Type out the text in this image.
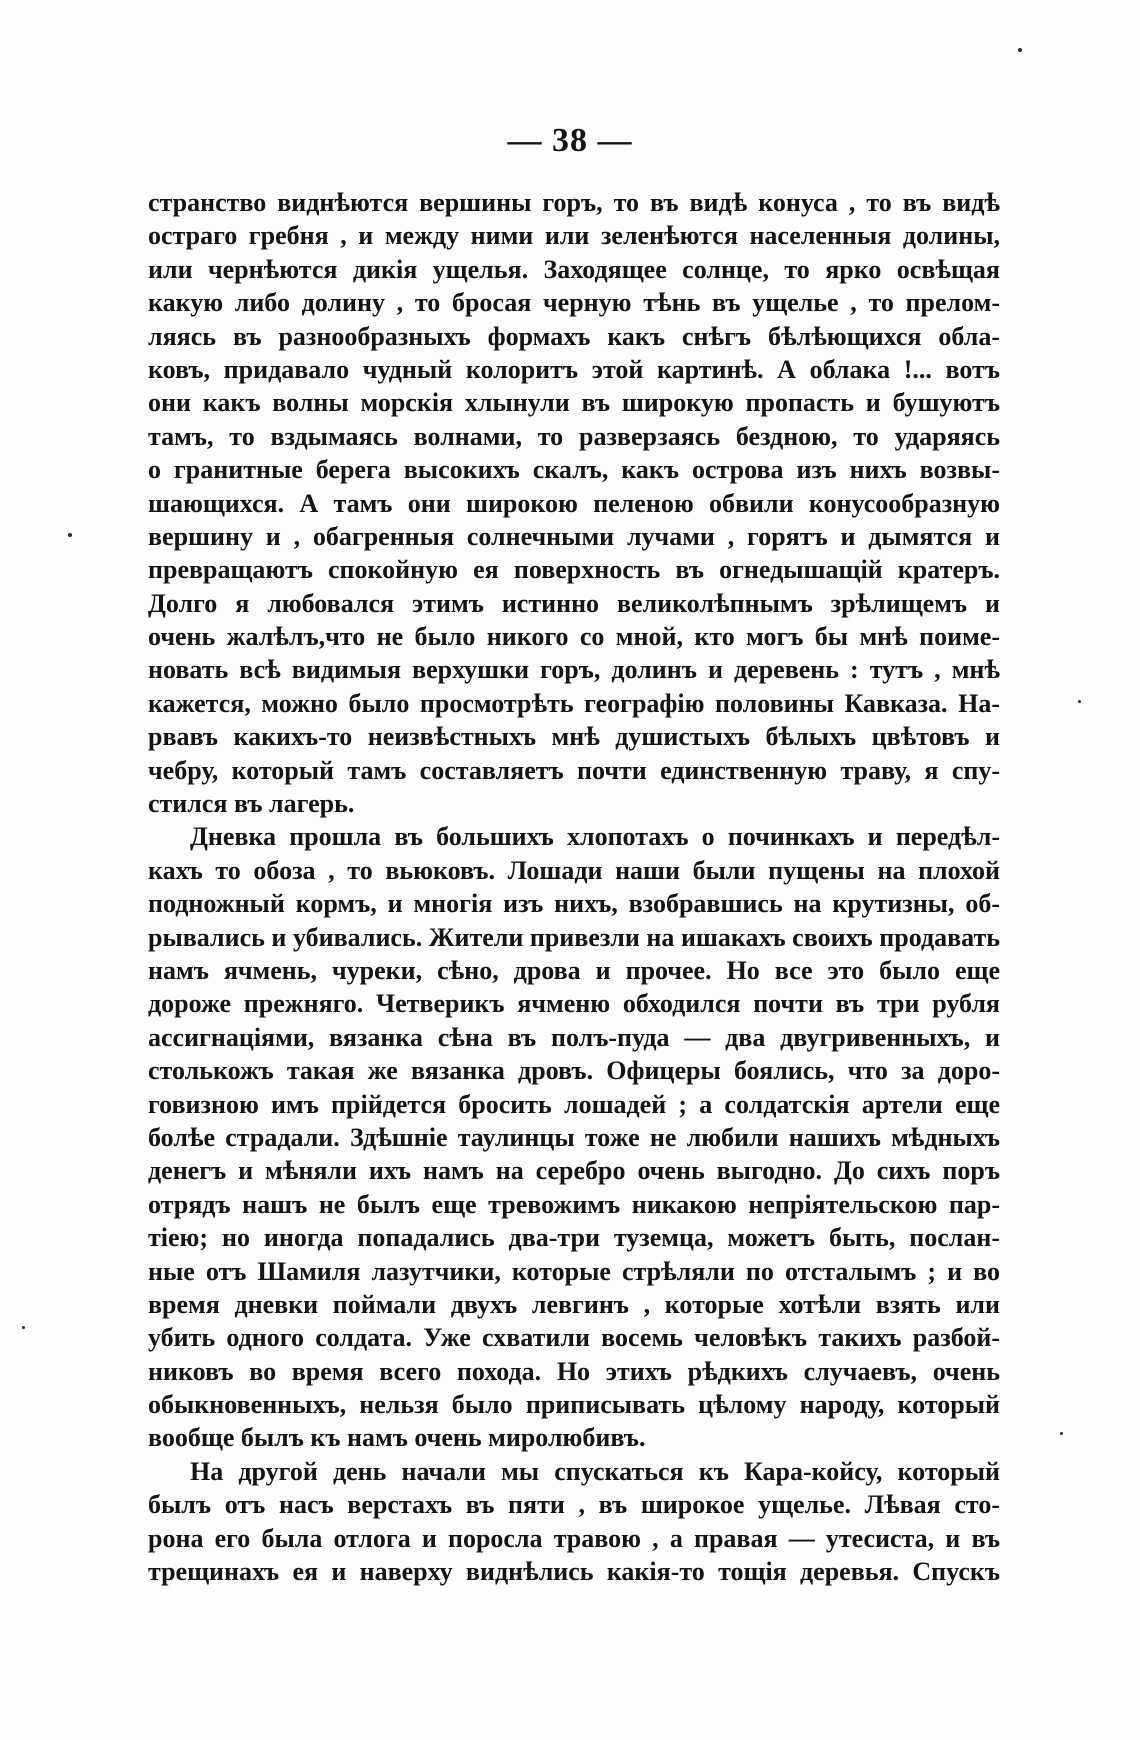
— 38 —
странство виднѣются вершины горъ, то въ видѣ конуса , то въ видѣ
остраго гребня , и между ними или зеленѣются населенныя долины,
или чернѣются дикія ущелья. Заходящее солнце, то ярко освѣщая
какую либо долину , то бросая черную тѣнь въ ущелье , то прелом-
ляясь въ разнообразныхъ формахъ какъ снѣгъ бѣлѣющихся обла-
ковъ, придавало чудный колоритъ этой картинѣ. А облака !... вотъ
они какъ волны морскія хлынули въ широкую пропасть и бушуютъ
тамъ, то вздымаясь волнами, то разверзаясь бездною, то ударяясь
о гранитные берега высокихъ скалъ, какъ острова изъ нихъ возвы-
шающихся. А тамъ они широкою пеленою обвили конусообразную
вершину и , обагренныя солнечными лучами , горятъ и дымятся и
превращаютъ спокойную ея поверхность въ огнедышащій кратеръ.
Долго я любовался этимъ истинно великолѣпнымъ зрѣлищемъ и
очень жалѣлъ,что не было никого со мной, кто могъ бы мнѣ поиме-
новать всѣ видимыя верхушки горъ, долинъ и деревень : тутъ , мнѣ
кажется, можно было просмотрѣть географію половины Кавказа. На-
рвавъ какихъ-то неизвѣстныхъ мнѣ душистыхъ бѣлыхъ цвѣтовъ и
чебру, который тамъ составляетъ почти единственную траву, я спу-
стился въ лагерь.
Дневка прошла въ большихъ хлопотахъ о починкахъ и передѣл-
кахъ то обоза , то вьюковъ. Лошади наши были пущены на плохой
подножный кормъ, и многія изъ нихъ, взобравшись на крутизны, об-
рывались и убивались. Жители привезли на ишакахъ своихъ продавать
намъ ячмень, чуреки, сѣно, дрова и прочее. Но все это было еще
дороже прежняго. Четверикъ ячменю обходился почти въ три рубля
ассигнаціями, вязанка сѣна въ полъ-пуда — два двугривенныхъ, и
столькожъ такая же вязанка дровъ. Офицеры боялись, что за доро-
говизною имъ прійдется бросить лошадей ; а солдатскія артели еще
болѣе страдали. Здѣшніе таулинцы тоже не любили нашихъ мѣдныхъ
денегъ и мѣняли ихъ намъ на серебро очень выгодно. До сихъ поръ
отрядъ нашъ не былъ еще тревожимъ никакою непріятельскою пар-
тіею; но иногда попадались два-три туземца, можетъ быть, послан-
ные отъ Шамиля лазутчики, которые стрѣляли по отсталымъ ; и во
время дневки поймали двухъ левгинъ , которые хотѣли взять или
убить одного солдата. Уже схватили восемь человѣкъ такихъ разбой-
никовъ во время всего похода. Но этихъ рѣдкихъ случаевъ, очень
обыкновенныхъ, нельзя было приписывать цѣлому народу, который
вообще былъ къ намъ очень миролюбивъ.
На другой день начали мы спускаться къ Кара-койсу, который
былъ отъ насъ верстахъ въ пяти , въ широкое ущелье. Лѣвая сто-
рона его была отлога и поросла травою , а правая — утесиста, и въ
трещинахъ ея и наверху виднѣлись какія-то тощія деревья. Спускъ
